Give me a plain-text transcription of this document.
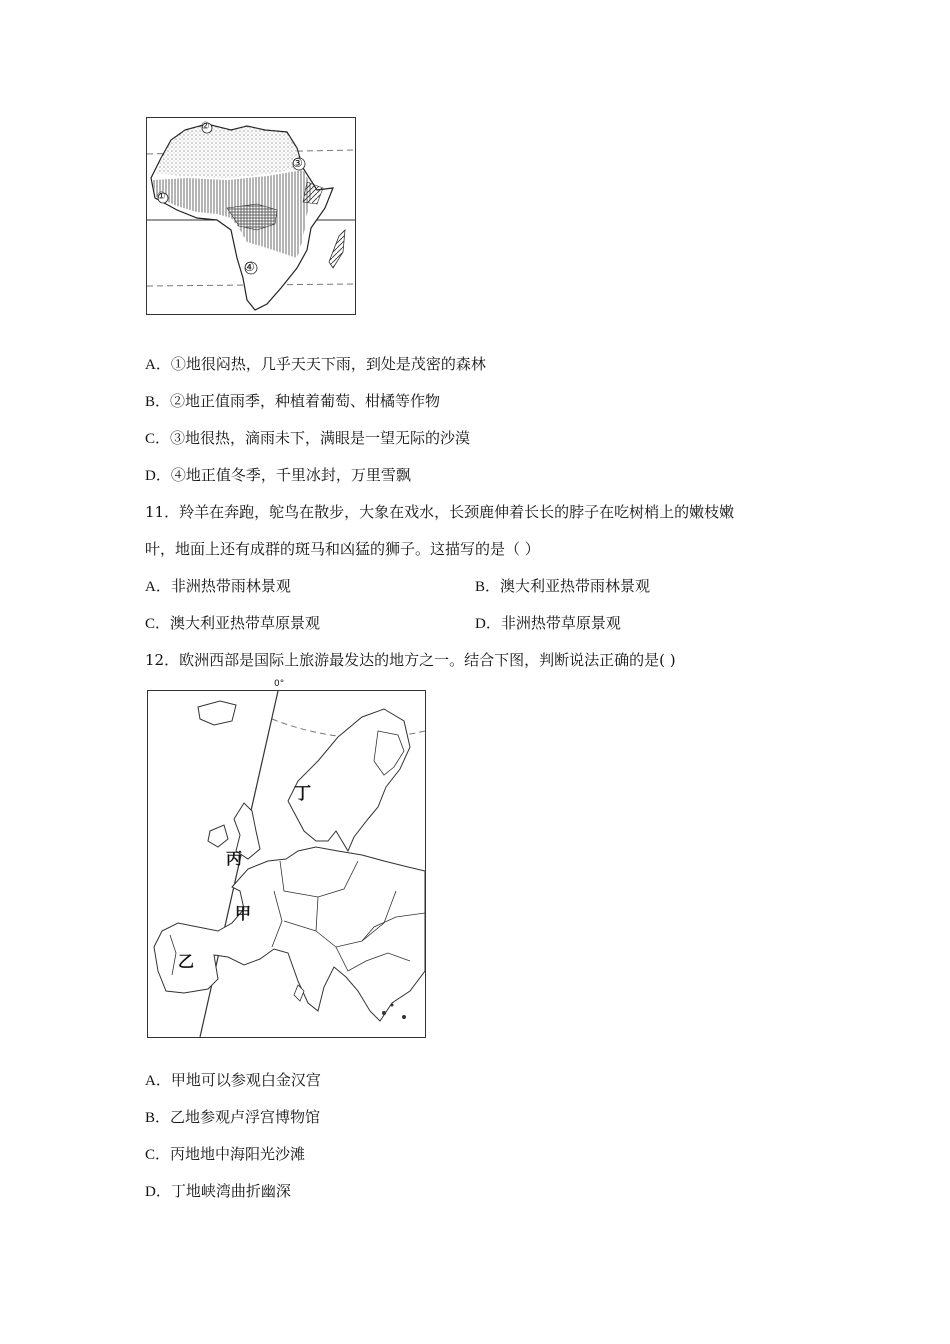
①
②
③
④
A．①地很闷热，几乎天天下雨，到处是茂密的森林
B．②地正值雨季，种植着葡萄、柑橘等作物
C．③地很热，滴雨未下，满眼是一望无际的沙漠
D．④地正值冬季，千里冰封，万里雪飘
11．羚羊在奔跑，鸵鸟在散步，大象在戏水，长颈鹿伸着长长的脖子在吃树梢上的嫩枝嫩
叶，地面上还有成群的斑马和凶猛的狮子。这描写的是（ ）
A．非洲热带雨林景观	B．澳大利亚热带雨林景观
C．澳大利亚热带草原景观	D．非洲热带草原景观
12．欧洲西部是国际上旅游最发达的地方之一。结合下图，判断说法正确的是( )
0°
丁
丙
甲
乙
A．甲地可以参观白金汉宫
B．乙地参观卢浮宫博物馆
C．丙地地中海阳光沙滩
D．丁地峡湾曲折幽深
